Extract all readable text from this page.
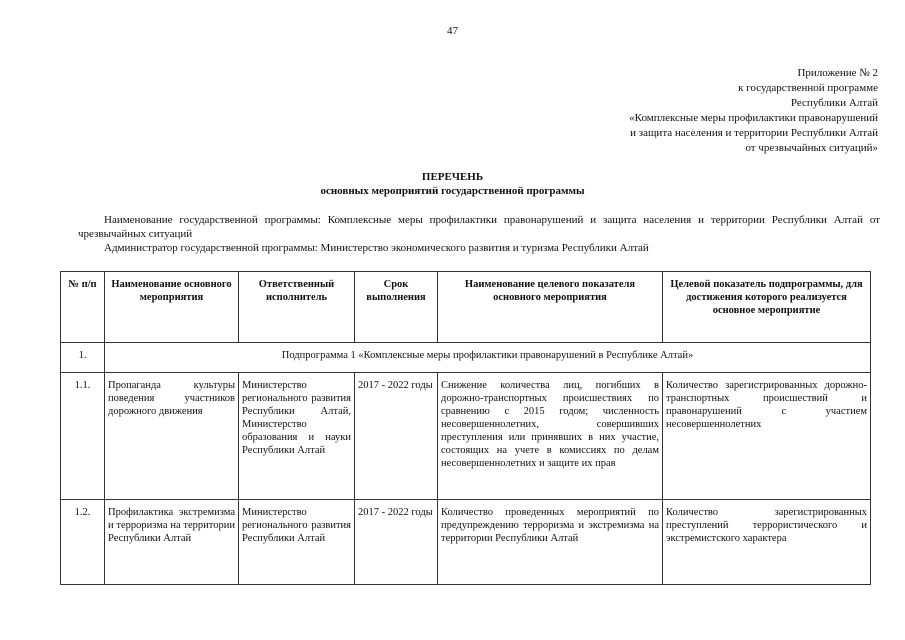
47
Приложение № 2
к государственной программе
Республики Алтай
«Комплексные меры профилактики правонарушений
и защита населения и территории Республики Алтай
от чрезвычайных ситуаций»
ПЕРЕЧЕНЬ
основных мероприятий государственной программы

Наименование государственной программы: Комплексные меры профилактики правонарушений и защита населения и территории Республики Алтай от чрезвычайных ситуаций

Администратор государственной программы: Министерство экономического развития и туризма Республики Алтай

№ п/п	Наименование основного мероприятия	Ответственный исполнитель	Срок выполнения	Наименование целевого показателя основного мероприятия	Целевой показатель подпрограммы, для достижения которого реализуется основное мероприятие
1.	Подпрограмма 1 «Комплексные меры профилактики правонарушений в Республике Алтай»				
1.1.	Пропаганда культуры поведения участников дорожного движения	Министерство регионального развития Республики Алтай, Министерство образования и науки Республики Алтай	2017 - 2022 годы	Снижение количества лиц, погибших в дорожно-транспортных происшествиях по сравнению с 2015 годом; численность несовершеннолетних, совершивших преступления или принявших в них участие, состоящих на учете в комиссиях по делам несовершеннолетних и защите их прав	Количество зарегистрированных дорожно-транспортных происшествий и правонарушений с участием несовершеннолетних
1.2.	Профилактика экстремизма и терроризма на территории Республики Алтай	Министерство регионального развития Республики Алтай	2017 - 2022 годы	Количество проведенных мероприятий по предупреждению терроризма и экстремизма на территории Республики Алтай	Количество зарегистрированных преступлений террористического и экстремистского характера
